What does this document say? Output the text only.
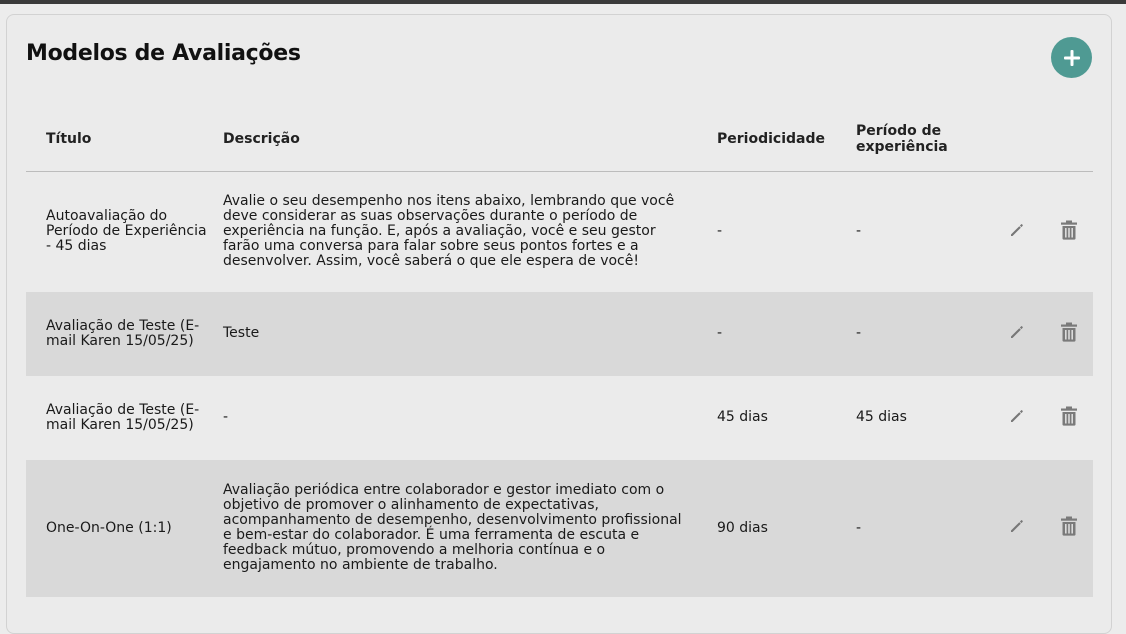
Modelos de Avaliações
Título	Descrição	Periodicidade	Período de experiência		
Autoavaliação do Período de Experiência - 45 dias	Avalie o seu desempenho nos itens abaixo, lembrando que você deve considerar as suas observações durante o período de experiência na função. E, após a avaliação, você e seu gestor farão uma conversa para falar sobre seus pontos fortes e a desenvolver. Assim, você saberá o que ele espera de você!	-	-	

Avaliação de Teste (E-mail Karen 15/05/25)	Teste	-	-	

Avaliação de Teste (E-mail Karen 15/05/25)	-	45 dias	45 dias	

One-On-One (1:1)	Avaliação periódica entre colaborador e gestor imediato com o objetivo de promover o alinhamento de expectativas, acompanhamento de desempenho, desenvolvimento profissional e bem-estar do colaborador. É uma ferramenta de escuta e feedback mútuo, promovendo a melhoria contínua e o engajamento no ambiente de trabalho.	90 dias	-	
